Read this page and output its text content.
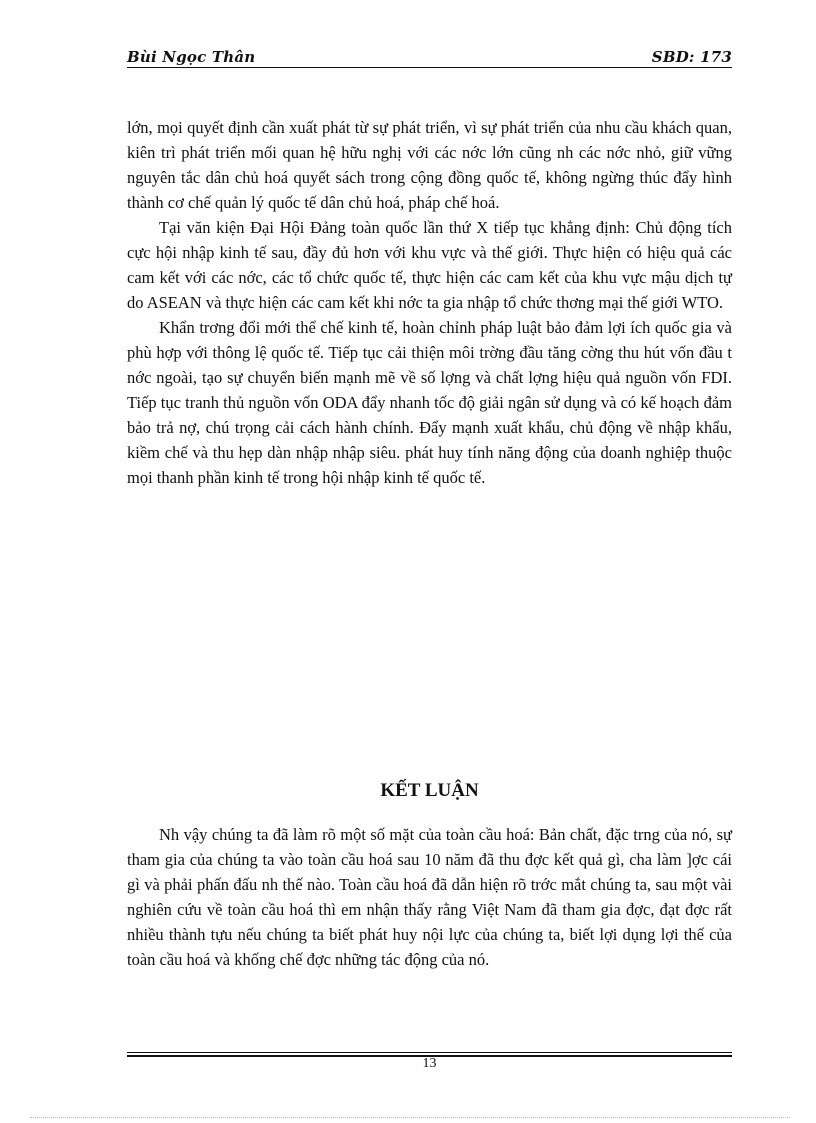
Bùi Ngọc Thân	SBD: 173

lớn, mọi quyết định cần xuất phát từ sự phát triển, vì sự phát triển của nhu cầu khách quan, kiên trì phát triển mối quan hệ hữu nghị với các nớc lớn cũng nh các nớc nhỏ, giữ vững nguyên tắc dân chủ hoá quyết sách trong cộng đồng quốc tế, không ngừng thúc đẩy hình thành cơ chế quản lý quốc tế dân chủ hoá, pháp chế hoá.

Tại văn kiện Đại Hội Đảng toàn quốc lần thứ X tiếp tục khẳng định: Chủ động tích cực hội nhập kinh tế sau, đầy đủ hơn với khu vực và thế giới. Thực hiện có hiệu quả các cam kết với các nớc, các tổ chức quốc tế, thực hiện các cam kết của khu vực mậu dịch tự do ASEAN và thực hiện các cam kết khi nớc ta gia nhập tổ chức thơng mại thế giới WTO.

Khẩn trơng đổi mới thể chế kinh tế, hoàn chỉnh pháp luật bảo đảm lợi ích quốc gia và phù hợp với thông lệ quốc tế. Tiếp tục cải thiện môi trờng đầu tăng cờng thu hút vốn đầu t nớc ngoài, tạo sự chuyển biến mạnh mẽ về số lợng và chất lợng hiệu quả nguồn vốn FDI. Tiếp tục tranh thủ nguồn vốn ODA đẩy nhanh tốc độ giải ngân sử dụng và có kế hoạch đảm bảo trả nợ, chú trọng cải cách hành chính. Đẩy mạnh xuất khẩu, chủ động về nhập khẩu, kiềm chế và thu hẹp dàn nhập nhập siêu. phát huy tính năng động của doanh nghiệp thuộc mọi thanh phần kinh tế trong hội nhập kinh tế quốc tế.

KẾT LUẬN

Nh vậy chúng ta đã làm rõ một số mặt của toàn cầu hoá: Bản chất, đặc trng của nó, sự tham gia của chúng ta vào toàn cầu hoá sau 10 năm đã thu đợc kết quả gì, cha làm ]ợc cái gì và phải phấn đấu nh thế nào. Toàn cầu hoá đã dẫn hiện rõ trớc mắt chúng ta, sau một vài nghiên cứu về toàn cầu hoá thì em nhận thấy rằng Việt Nam đã tham gia đợc, đạt đợc rất nhiều thành tựu nếu chúng ta biết phát huy nội lực của chúng ta, biết lợi dụng lợi thế của toàn cầu hoá và khống chế đợc những tác động của nó.

13
